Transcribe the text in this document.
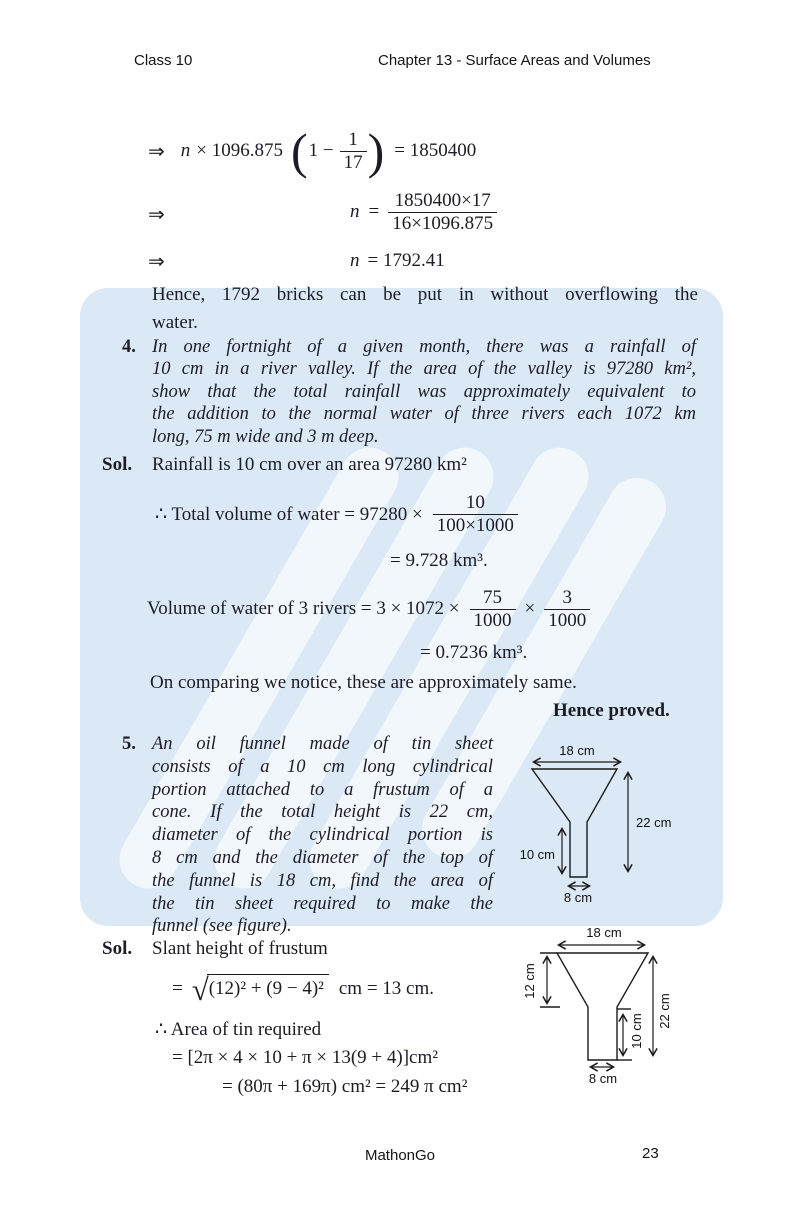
Class 10	Chapter 13 - Surface Areas and Volumes
⇒ n × 1096.875 ( $1 - \frac{1}{17}$ ) = 1850400
⇒	$n = \frac{1850400\times 17}{16\times 1096.875}$
⇒	n = 1792.41
Hence, 1792 bricks can be put in without overflowing the
water.
4. In one fortnight of a given month, there was a rainfall of
10 cm in a river valley. If the area of the valley is 97280 km²,
show that the total rainfall was approximately equivalent to
the addition to the normal water of three rivers each 1072 km
long, 75 m wide and 3 m deep.
Sol. Rainfall is 10 cm over an area 97280 km²
∴ Total volume of water = $97280 \times \frac{10}{100\times 1000}$
= 9.728 km³.
Volume of water of 3 rivers = $3 \times 1072 \times \frac{75}{1000} \times \frac{3}{1000}$
= 0.7236 km³.
On comparing we notice, these are approximately same.
Hence proved.
5. An oil funnel made of tin sheet
consists of a 10 cm long cylindrical
portion attached to a frustum of a
cone. If the total height is 22 cm,
diameter of the cylindrical portion is
8 cm and the diameter of the top of
the funnel is 18 cm, find the area of
the tin sheet required to make the
funnel (see figure).
18 cm
22 cm
10 cm
8 cm
Sol. Slant height of frustum
= √ (12)² + (9 − 4)² cm = 13 cm.
∴ Area of tin required
= [2π × 4 × 10 + π × 13(9 + 4)]cm²
= (80π + 169π) cm² = 249 π cm²
18 cm
12 cm
10 cm
22 cm
8 cm
MathonGo	23
